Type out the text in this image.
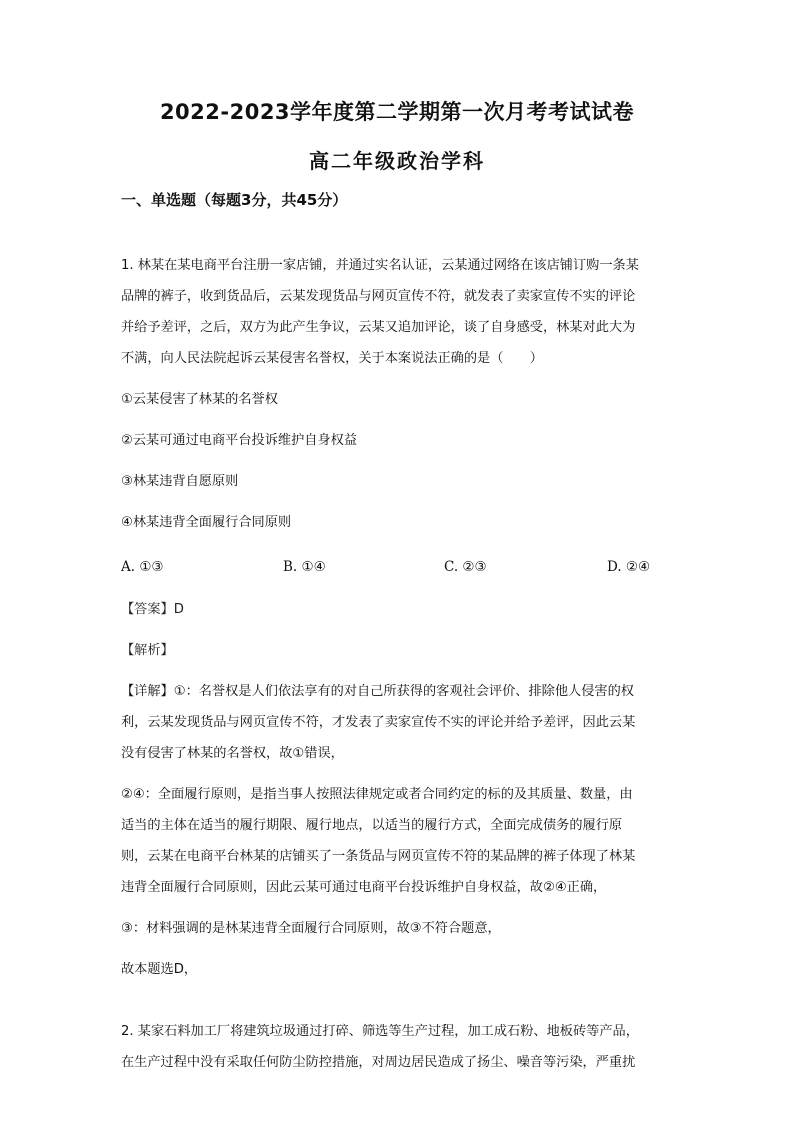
2022-2023学年度第二学期第一次月考考试试卷
高二年级政治学科
一、单选题（每题3分，共45分）
1. 林某在某电商平台注册一家店铺，并通过实名认证，云某通过网络在该店铺订购一条某
品牌的裤子，收到货品后，云某发现货品与网页宣传不符，就发表了卖家宣传不实的评论
并给予差评，之后，双方为此产生争议，云某又追加评论，谈了自身感受，林某对此大为
不满，向人民法院起诉云某侵害名誉权，关于本案说法正确的是（　　）
①云某侵害了林某的名誉权
②云某可通过电商平台投诉维护自身权益
③林某违背自愿原则
④林某违背全面履行合同原则
A. ①③	B. ①④	C. ②③	D. ②④
【答案】D
【解析】
【详解】①：名誉权是人们依法享有的对自己所获得的客观社会评价、排除他人侵害的权
利，云某发现货品与网页宣传不符，才发表了卖家宣传不实的评论并给予差评，因此云某
没有侵害了林某的名誉权，故①错误，
②④：全面履行原则，是指当事人按照法律规定或者合同约定的标的及其质量、数量，由
适当的主体在适当的履行期限、履行地点，以适当的履行方式，全面完成债务的履行原
则，云某在电商平台林某的店铺买了一条货品与网页宣传不符的某品牌的裤子体现了林某
违背全面履行合同原则，因此云某可通过电商平台投诉维护自身权益，故②④正确，
③：材料强调的是林某违背全面履行合同原则，故③不符合题意，
故本题选D，
2. 某家石料加工厂将建筑垃圾通过打碎、筛选等生产过程，加工成石粉、地板砖等产品，
在生产过程中没有采取任何防尘防控措施，对周边居民造成了扬尘、噪音等污染，严重扰
